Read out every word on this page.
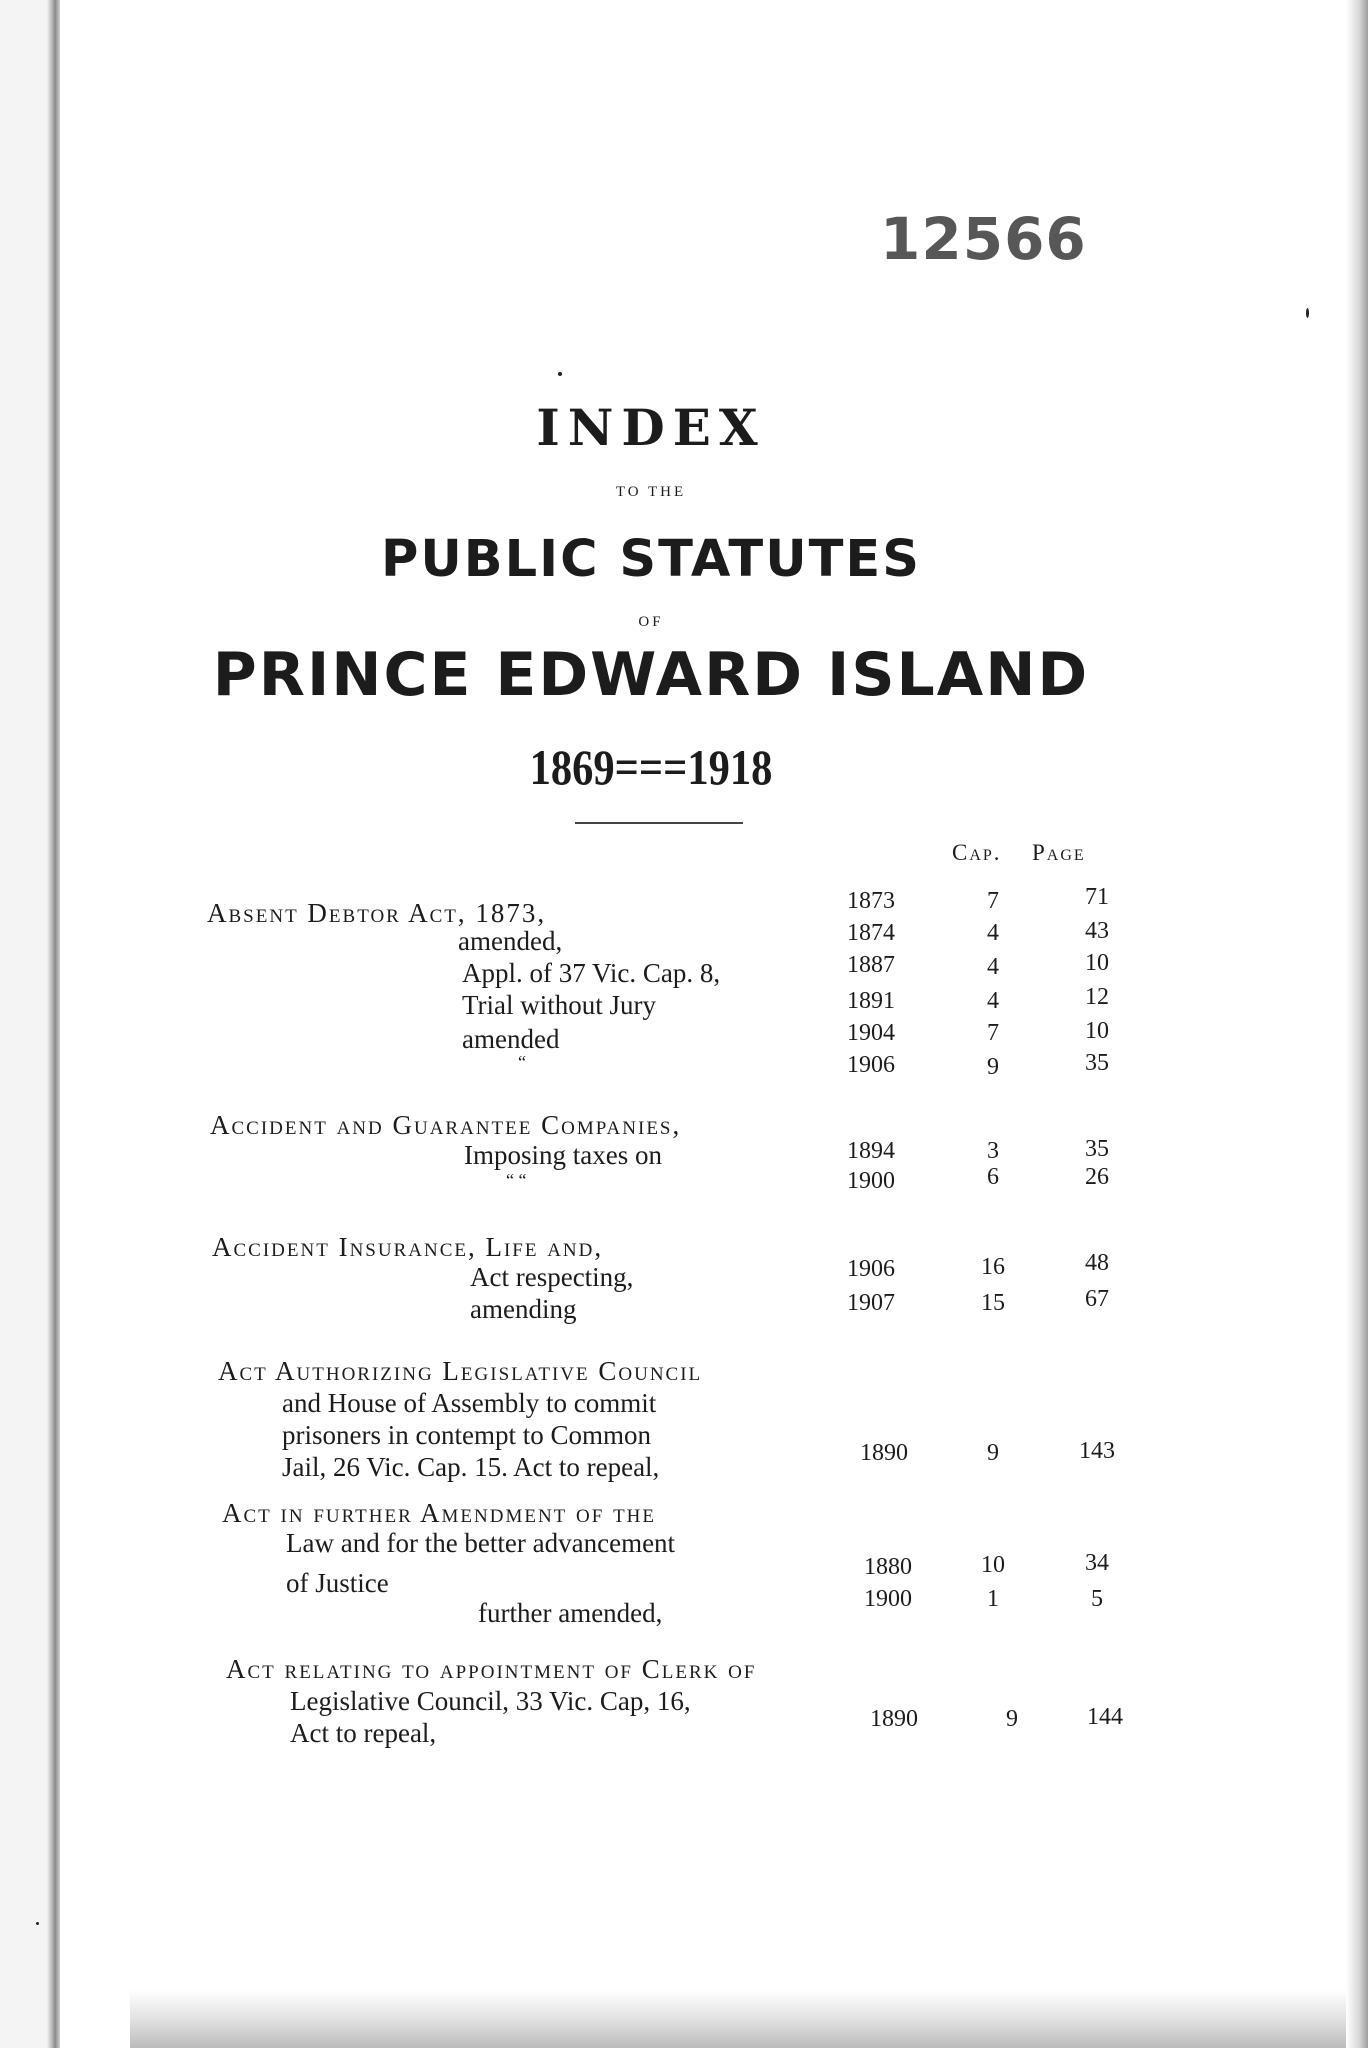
12566
INDEX
TO THE
PUBLIC STATUTES
OF
PRINCE EDWARD ISLAND
1869===1918
Cap. Page
Absent Debtor Act, 1873,	1873	7	71
amended,	1874	4	43
Appl. of 37 Vic. Cap. 8,	1887	4	10
Trial without Jury	1891	4	12
amended	1904	7	10
“	1906	9	35
Accident and Guarantee Companies,
Imposing taxes on	1894	3	35
“ “	1900	6	26
Accident Insurance, Life and,
Act respecting,	1906	16	48
amending	1907	15	67
Act Authorizing Legislative Council
and House of Assembly to commit
prisoners in contempt to Common
Jail, 26 Vic. Cap. 15. Act to repeal,	1890	9	143
Act in further Amendment of the
Law and for the better advancement
of Justice
1880	10	34
further amended,	1900	1	5
Act relating to appointment of Clerk of
Legislative Council, 33 Vic. Cap, 16,
Act to repeal,	1890	9	144
